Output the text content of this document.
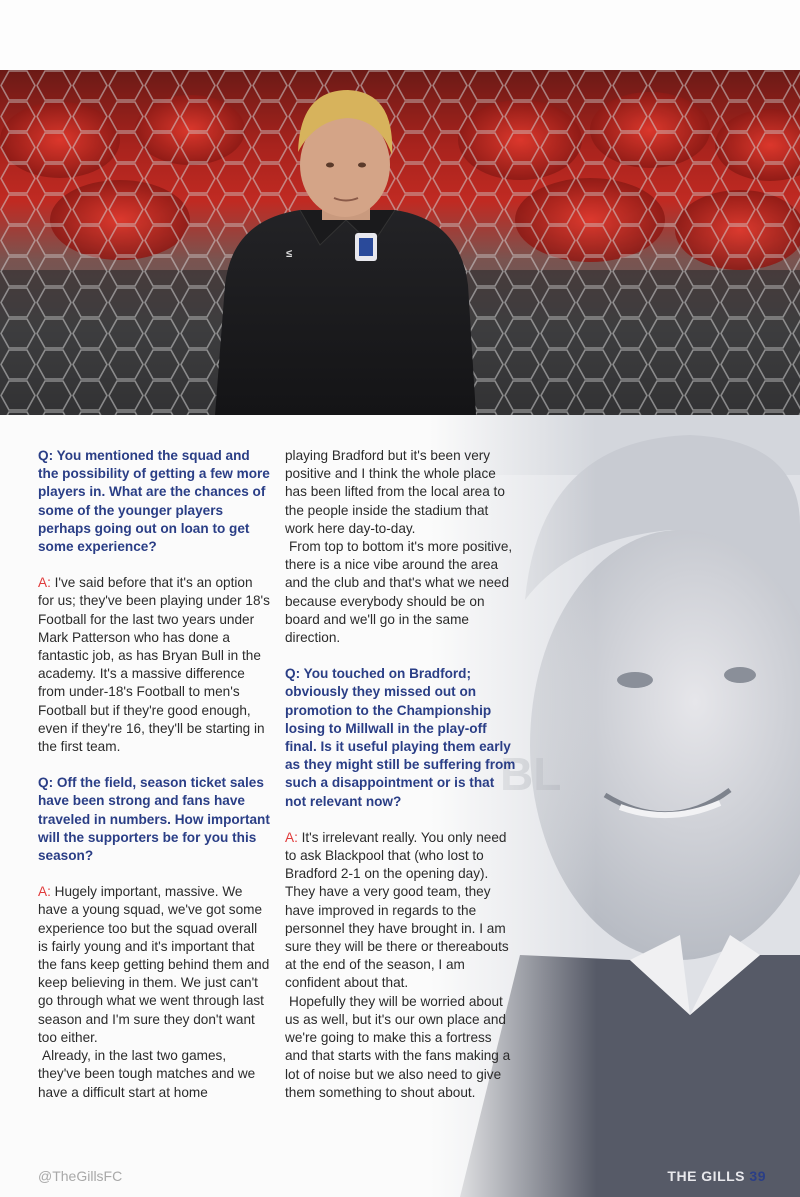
≤

Q: You mentioned the squad and the possibility of getting a few more players in. What are the chances of some of the younger players perhaps going out on loan to get some experience?

A: I've said before that it's an option for us; they've been playing under 18's Football for the last two years under Mark Patterson who has done a fantastic job, as has Bryan Bull in the academy. It's a massive difference from under-18's Football to men's Football but if they're good enough, even if they're 16, they'll be starting in the first team.

Q: Off the field, season ticket sales have been strong and fans have traveled in numbers. How important will the supporters be for you this season?

A: Hugely important, massive. We have a young squad, we've got some experience too but the squad overall is fairly young and it's important that the fans keep getting behind them and keep believing in them. We just can't go through what we went through last season and I'm sure they don't want too either.

Already, in the last two games, they've been tough matches and we have a difficult start at home

playing Bradford but it's been very positive and I think the whole place has been lifted from the local area to the people inside the stadium that work here day-to-day.

From top to bottom it's more positive, there is a nice vibe around the area and the club and that's what we need because everybody should be on board and we'll go in the same direction.

Q: You touched on Bradford; obviously they missed out on promotion to the Championship losing to Millwall in the play-off final. Is it useful playing them early as they might still be suffering from such a disappointment or is that not relevant now?

A: It's irrelevant really. You only need to ask Blackpool that (who lost to Bradford 2-1 on the opening day). They have a very good team, they have improved in regards to the personnel they have brought in. I am sure they will be there or thereabouts at the end of the season, I am confident about that.

Hopefully they will be worried about us as well, but it's our own place and we're going to make this a fortress and that starts with the fans making a lot of noise but we also need to give them something to shout about.

@TheGillsFC	THE GILLS 39
